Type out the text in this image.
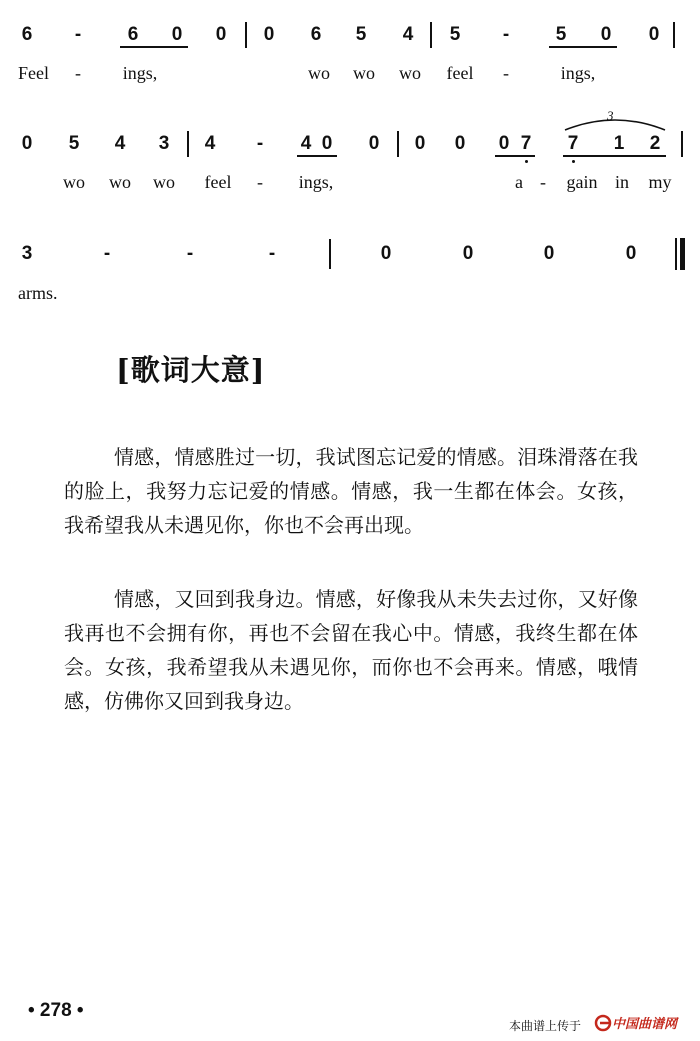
6 - 6 0 0 0 6 5 4 5 - 5 0 0
Feel - ings,	wo wo wo feel -	ings,
0 5 4 3 4 - 4 0 0 0 0 0 7 7 1 2
3
wo wo wo feel - ings,	a - gain in my
3	-	-	-	0	0	0	0
arms.
[歌词大意]

情感，情感胜过一切，我试图忘记爱的情感。泪珠滑落在我的脸上，我努力忘记爱的情感。情感，我一生都在体会。女孩，我希望我从未遇见你，你也不会再出现。

情感，又回到我身边。情感，好像我从未失去过你，又好像我再也不会拥有你，再也不会留在我心中。情感，我终生都在体会。女孩，我希望我从未遇见你，而你也不会再来。情感，哦情感，仿佛你又回到我身边。

• 278 •
本曲谱上传于 中国曲谱网
